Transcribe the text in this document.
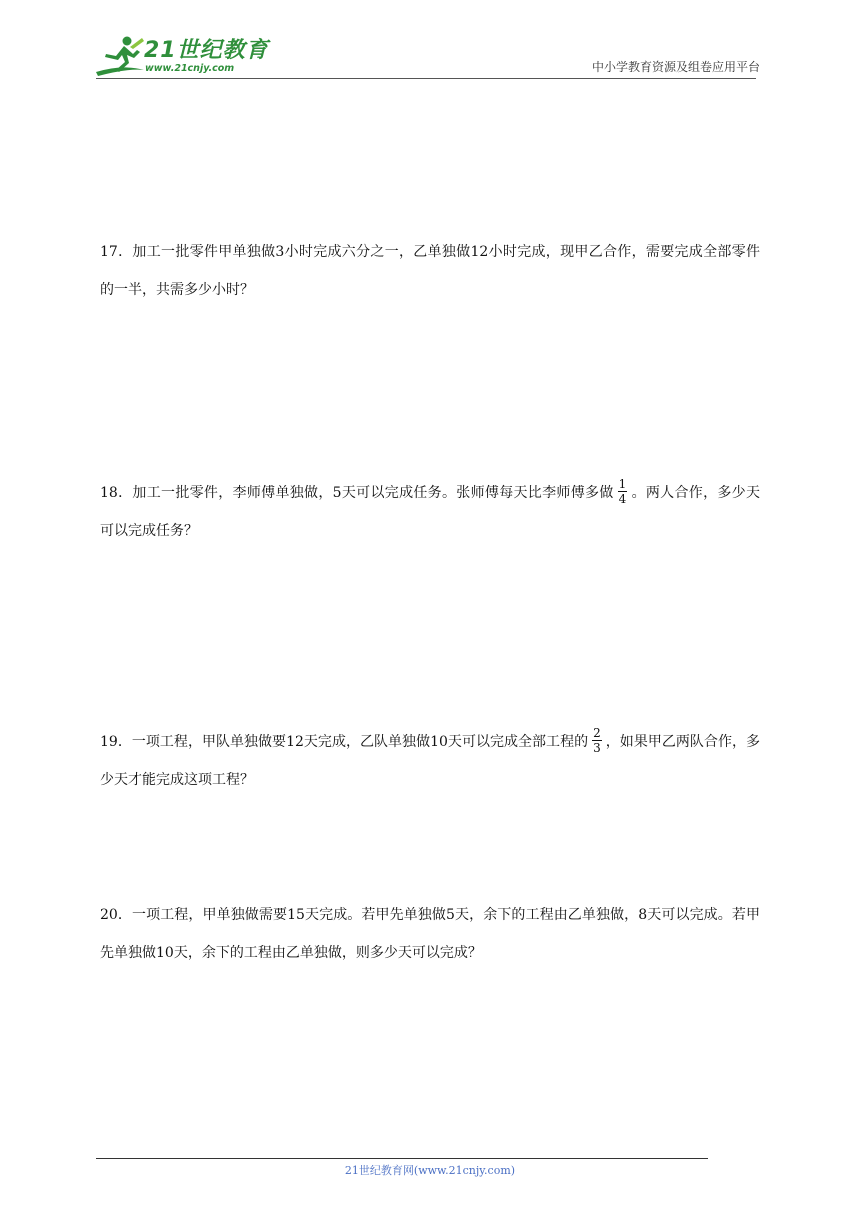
21世纪教育
www.21cnjy.com	中小学教育资源及组卷应用平台
17．加工一批零件甲单独做3小时完成六分之一，乙单独做12小时完成，现甲乙合作，需要完成全部零件的一半，共需多少小时？
18．加工一批零件，李师傅单独做，5天可以完成任务。张师傅每天比李师傅多做 $\frac{1}{4}$ 。两人合作，多少天可以完成任务？
19．一项工程，甲队单独做要12天完成，乙队单独做10天可以完成全部工程的 $\frac{2}{3}$ ，如果甲乙两队合作，多少天才能完成这项工程？
20．一项工程，甲单独做需要15天完成。若甲先单独做5天，余下的工程由乙单独做，8天可以完成。若甲先单独做10天，余下的工程由乙单独做，则多少天可以完成？
21世纪教育网(www.21cnjy.com)
